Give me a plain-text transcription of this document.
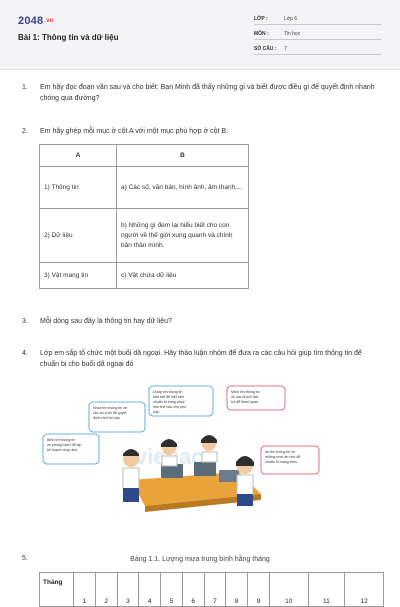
2048.vn
Bài 1: Thông tin và dữ liệu
LỚP :	Lớp 6
MÔN :	Tin học
SỐ CÂU : 7
1. Em hãy đọc đoạn văn sau và cho biết: Bạn Minh đã thấy những gì và biết được điều gì để quyết định nhanh chóng qua đường?
2. Em hãy ghép mỗi mục ở cột A với một mục phù hợp ở cột B:
A	B
1) Thông tin	a) Các số, văn bản, hình ảnh, âm thanh,...
2) Dữ liệu	b) Những gì đem lại hiểu biết cho con người về thế giới xung quanh và chính bản thân mình.
3) Vật mang tin	c) Vật chứa dữ liệu
3. Mỗi dòng sau đây là thông tin hay dữ liệu?
4. Lớp em sắp tổ chức một buổi dã ngoại. Hãy thảo luận nhóm để đưa ra các câu hỏi giúp tìm thông tin để chuẩn bị cho buổi dã ngoại đó
Khoa tìm thông tin về các trò chơi để quyết định chơi trò nào.
Dung tìm thông tin thời tiết để biết nên chuẩn bị trang phục như thế nào cho phù hợp.
Minh tìm thông tin về các di tích lịch sử để tham quan.
Bình tìm thông tin về phong cảnh để lập kế hoạch chụp ảnh.	An tìm thông tin về những món ăn nhẹ để chuẩn bị mang theo.
5.	Bảng 1.1. Lượng mưa trung bình hằng tháng
Tháng	1	2	3	4	5	6	7	8	9	10	11	12
